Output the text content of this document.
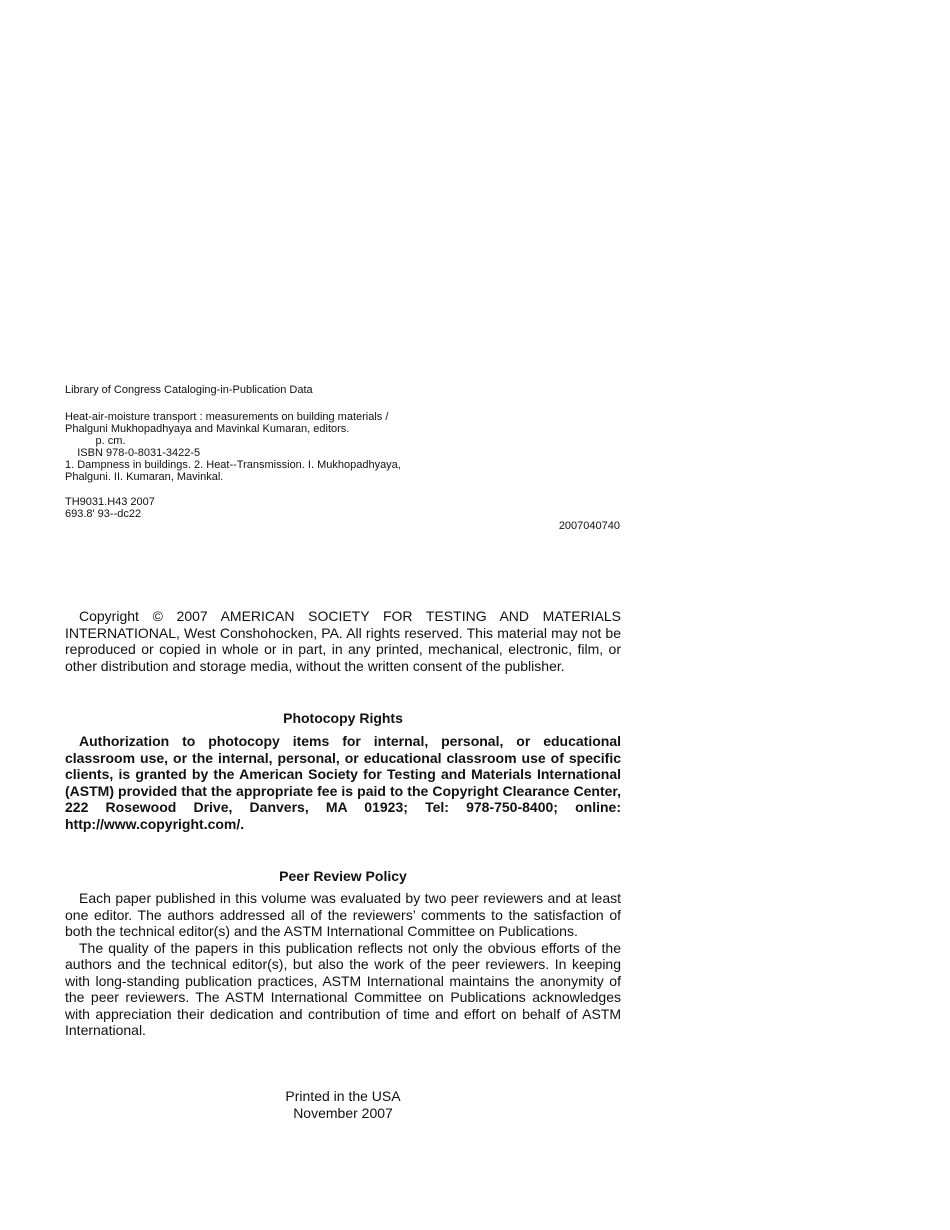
Library of Congress Cataloging-in-Publication Data
Heat-air-moisture transport : measurements on building materials /
Phalguni Mukhopadhyaya and Mavinkal Kumaran, editors.
p. cm.
ISBN 978-0-8031-3422-5
1. Dampness in buildings. 2. Heat--Transmission. I. Mukhopadhyaya,
Phalguni. II. Kumaran, Mavinkal.
TH9031.H43 2007
693.8' 93--dc22
2007040740
Copyright © 2007 AMERICAN SOCIETY FOR TESTING AND MATERIALS INTERNATIONAL, West Conshohocken, PA. All rights reserved. This material may not be reproduced or copied in whole or in part, in any printed, mechanical, electronic, film, or other distribution and storage media, without the written consent of the publisher.
Photocopy Rights
Authorization to photocopy items for internal, personal, or educational classroom use, or the internal, personal, or educational classroom use of specific clients, is granted by the American Society for Testing and Materials International (ASTM) provided that the appropriate fee is paid to the Copyright Clearance Center, 222 Rosewood Drive, Danvers, MA 01923; Tel: 978-750-8400; online: http://www.copyright.com/.
Peer Review Policy

Each paper published in this volume was evaluated by two peer reviewers and at least one editor. The authors addressed all of the reviewers’ comments to the satisfaction of both the technical editor(s) and the ASTM International Committee on Publications.

The quality of the papers in this publication reflects not only the obvious efforts of the authors and the technical editor(s), but also the work of the peer reviewers. In keeping with long-standing publication practices, ASTM International maintains the anonymity of the peer reviewers. The ASTM International Committee on Publications acknowledges with appreciation their dedication and contribution of time and effort on behalf of ASTM International.

Printed in the USA
November 2007
